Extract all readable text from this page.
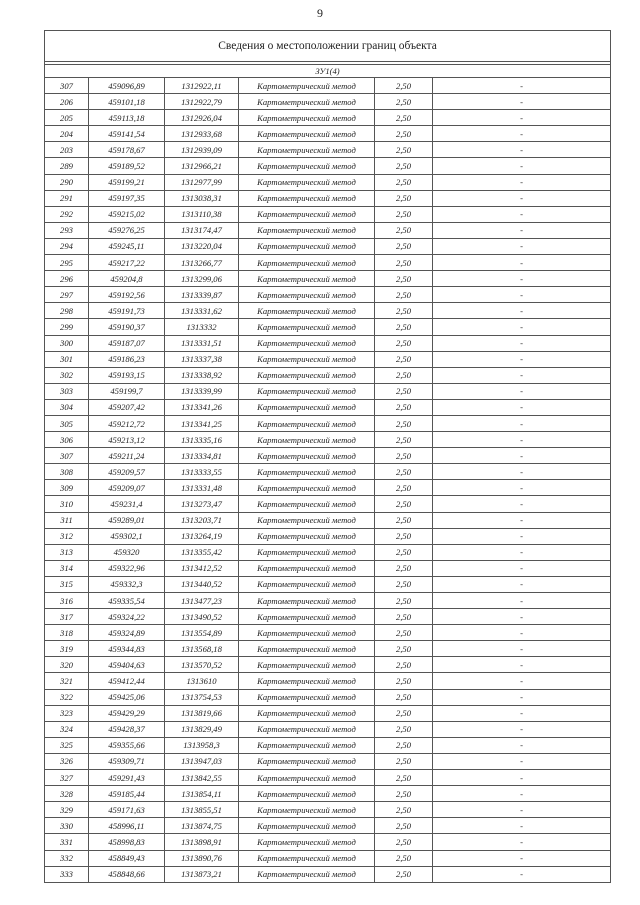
9
Сведения о местоположении границ объекта					

ЗУ1(4)					
307	459096,89	1312922,11	Картометрический метод	2,50	-
206	459101,18	1312922,79	Картометрический метод	2,50	-
205	459113,18	1312926,04	Картометрический метод	2,50	-
204	459141,54	1312933,68	Картометрический метод	2,50	-
203	459178,67	1312939,09	Картометрический метод	2,50	-
289	459189,52	1312966,21	Картометрический метод	2,50	-
290	459199,21	1312977,99	Картометрический метод	2,50	-
291	459197,35	1313038,31	Картометрический метод	2,50	-
292	459215,02	1313110,38	Картометрический метод	2,50	-
293	459276,25	1313174,47	Картометрический метод	2,50	-
294	459245,11	1313220,04	Картометрический метод	2,50	-
295	459217,22	1313266,77	Картометрический метод	2,50	-
296	459204,8	1313299,06	Картометрический метод	2,50	-
297	459192,56	1313339,87	Картометрический метод	2,50	-
298	459191,73	1313331,62	Картометрический метод	2,50	-
299	459190,37	1313332	Картометрический метод	2,50	-
300	459187,07	1313331,51	Картометрический метод	2,50	-
301	459186,23	1313337,38	Картометрический метод	2,50	-
302	459193,15	1313338,92	Картометрический метод	2,50	-
303	459199,7	1313339,99	Картометрический метод	2,50	-
304	459207,42	1313341,26	Картометрический метод	2,50	-
305	459212,72	1313341,25	Картометрический метод	2,50	-
306	459213,12	1313335,16	Картометрический метод	2,50	-
307	459211,24	1313334,81	Картометрический метод	2,50	-
308	459209,57	1313333,55	Картометрический метод	2,50	-
309	459209,07	1313331,48	Картометрический метод	2,50	-
310	459231,4	1313273,47	Картометрический метод	2,50	-
311	459289,01	1313203,71	Картометрический метод	2,50	-
312	459302,1	1313264,19	Картометрический метод	2,50	-
313	459320	1313355,42	Картометрический метод	2,50	-
314	459322,96	1313412,52	Картометрический метод	2,50	-
315	459332,3	1313440,52	Картометрический метод	2,50	-
316	459335,54	1313477,23	Картометрический метод	2,50	-
317	459324,22	1313490,52	Картометрический метод	2,50	-
318	459324,89	1313554,89	Картометрический метод	2,50	-
319	459344,83	1313568,18	Картометрический метод	2,50	-
320	459404,63	1313570,52	Картометрический метод	2,50	-
321	459412,44	1313610	Картометрический метод	2,50	-
322	459425,06	1313754,53	Картометрический метод	2,50	-
323	459429,29	1313819,66	Картометрический метод	2,50	-
324	459428,37	1313829,49	Картометрический метод	2,50	-
325	459355,66	1313958,3	Картометрический метод	2,50	-
326	459309,71	1313947,03	Картометрический метод	2,50	-
327	459291,43	1313842,55	Картометрический метод	2,50	-
328	459185,44	1313854,11	Картометрический метод	2,50	-
329	459171,63	1313855,51	Картометрический метод	2,50	-
330	458996,11	1313874,75	Картометрический метод	2,50	-
331	458998,83	1313898,91	Картометрический метод	2,50	-
332	458849,43	1313890,76	Картометрический метод	2,50	-
333	458848,66	1313873,21	Картометрический метод	2,50	-
